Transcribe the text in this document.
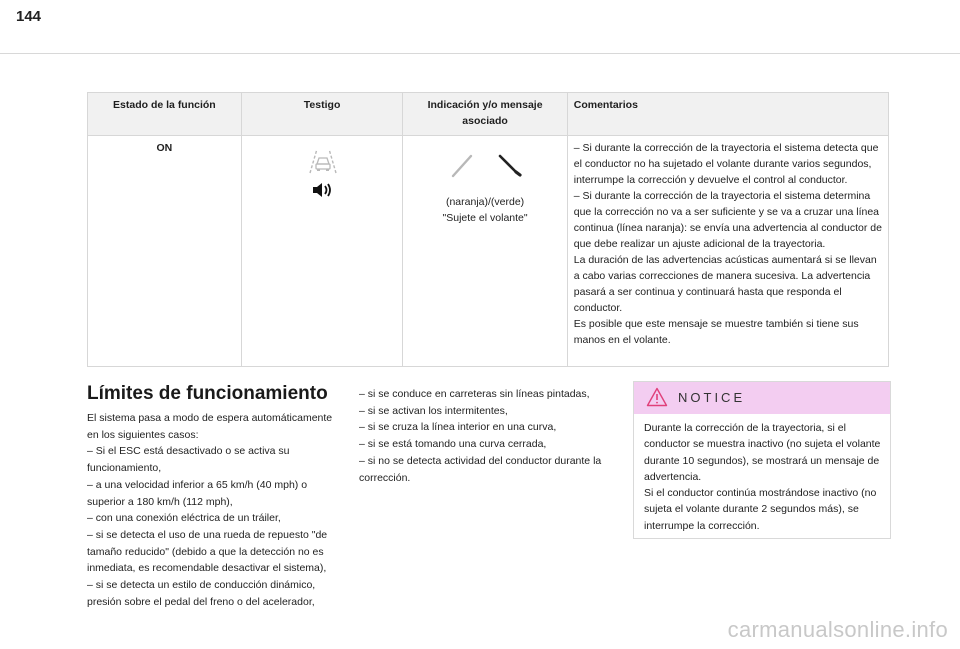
144
Estado de la función	Testigo	Indicación y/o mensaje
asociado	Comentarios
ON		(naranja)/(verde)
"Sujete el volante"	– Si durante la corrección de la trayectoria el sistema detecta que el conductor no ha sujetado el volante durante varios segundos, interrumpe la corrección y devuelve el control al conductor.
– Si durante la corrección de la trayectoria el sistema determina que la corrección no va a ser suficiente y se va a cruzar una línea continua (línea naranja): se envía una advertencia al conductor de que debe realizar un ajuste adicional de la trayectoria.
La duración de las advertencias acústicas aumentará si se llevan a cabo varias correcciones de manera sucesiva. La advertencia pasará a ser continua y continuará hasta que responda el conductor.
Es posible que este mensaje se muestre también si tiene sus manos en el volante.

Límites de funcionamiento

El sistema pasa a modo de espera automáticamente en los siguientes casos:
– Si el ESC está desactivado o se activa su funcionamiento,
– a una velocidad inferior a 65 km/h (40 mph) o superior a 180 km/h (112 mph),
– con una conexión eléctrica de un tráiler,
– si se detecta el uso de una rueda de repuesto "de tamaño reducido" (debido a que la detección no es inmediata, es recomendable desactivar el sistema),
– si se detecta un estilo de conducción dinámico, presión sobre el pedal del freno o del acelerador,

– si se conduce en carreteras sin líneas pintadas,
– si se activan los intermitentes,
– si se cruza la línea interior en una curva,
– si se está tomando una curva cerrada,
– si no se detecta actividad del conductor durante la corrección.

NOTICE

Durante la corrección de la trayectoria, si el conductor se muestra inactivo (no sujeta el volante durante 10 segundos), se mostrará un mensaje de advertencia.
Si el conductor continúa mostrándose inactivo (no sujeta el volante durante 2 segundos más), se interrumpe la corrección.

carmanualsonline.info
